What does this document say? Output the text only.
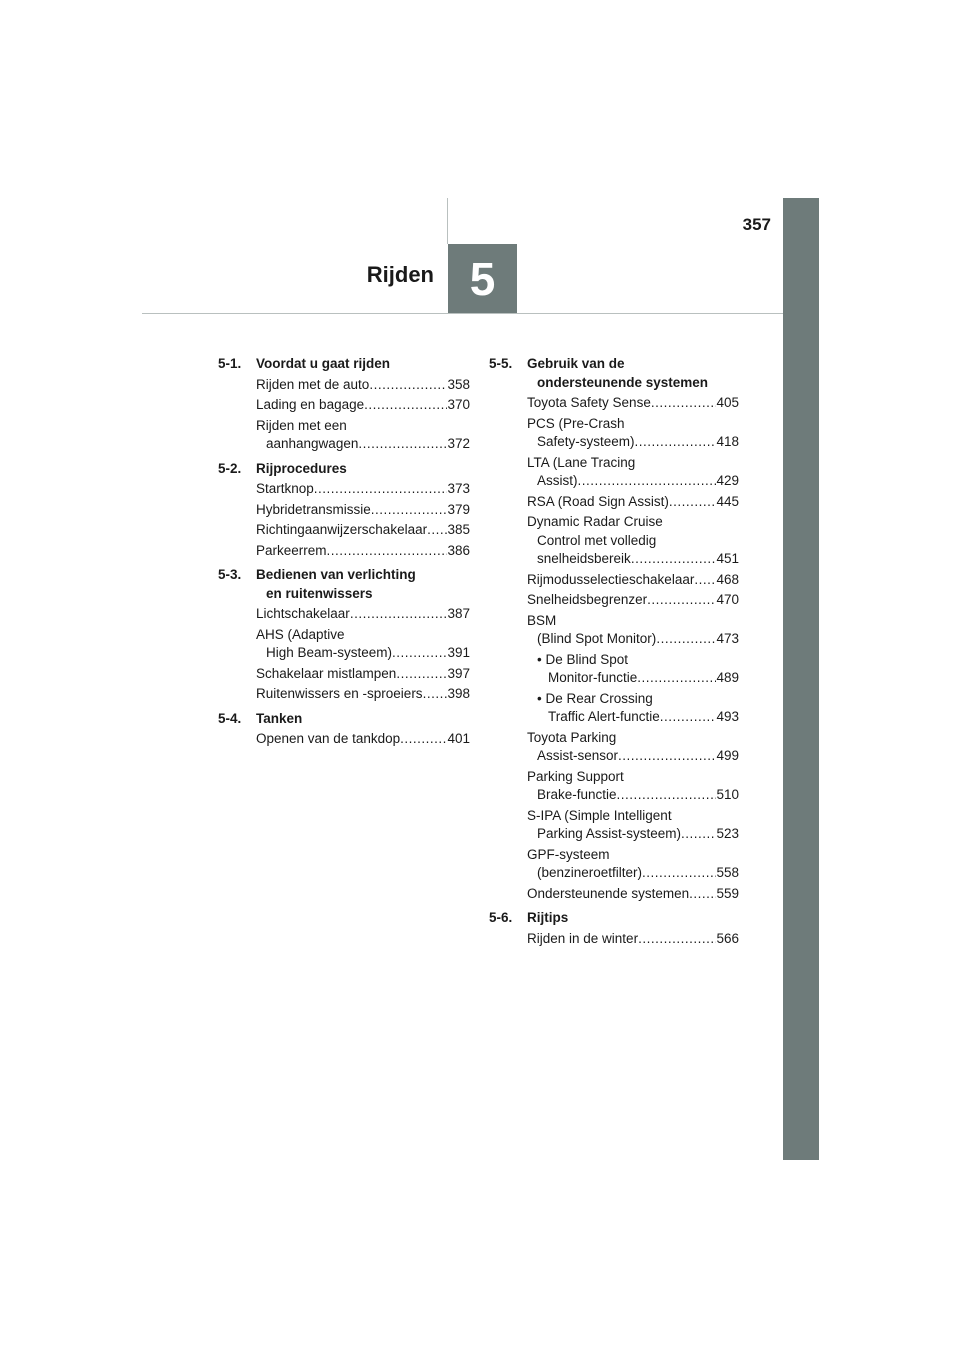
5
Rijden
357
5-1.	Voordat u gaat rijden
Rijden met de auto .....	358
Lading en bagage .....	370
Rijden met een
aanhangwagen .....	372
5-2.	Rijprocedures
Startknop .....	373
Hybridetransmissie .....	379
Richtingaanwijzerschakelaar ..... 385
Parkeerrem .....	386
5-3.	Bedienen van verlichting
en ruitenwissers
Lichtschakelaar .....	387
AHS (Adaptive
High Beam-systeem) .....	391
Schakelaar mistlampen .....	397
Ruitenwissers en -sproeiers ..... 398
5-4.	Tanken
Openen van de tankdop .....	401
5-5.	Gebruik van de
ondersteunende systemen
Toyota Safety Sense .....	405
PCS (Pre-Crash
Safety-systeem) .....	418
LTA (Lane Tracing
Assist) .....	429
RSA (Road Sign Assist) .....	445
Dynamic Radar Cruise
Control met volledig
snelheidsbereik .....	451
Rijmodusselectieschakelaar ..... 468
Snelheidsbegrenzer .....	470
BSM
(Blind Spot Monitor) .....	473
• De Blind Spot
Monitor-functie .....	489
• De Rear Crossing
Traffic Alert-functie .....	493
Toyota Parking
Assist-sensor .....	499
Parking Support
Brake-functie .....	510
S-IPA (Simple Intelligent
Parking Assist-systeem) .....	523
GPF-systeem
(benzineroetfilter) .....	558
Ondersteunende systemen ..... 559
5-6.	Rijtips
Rijden in de winter .....	566
